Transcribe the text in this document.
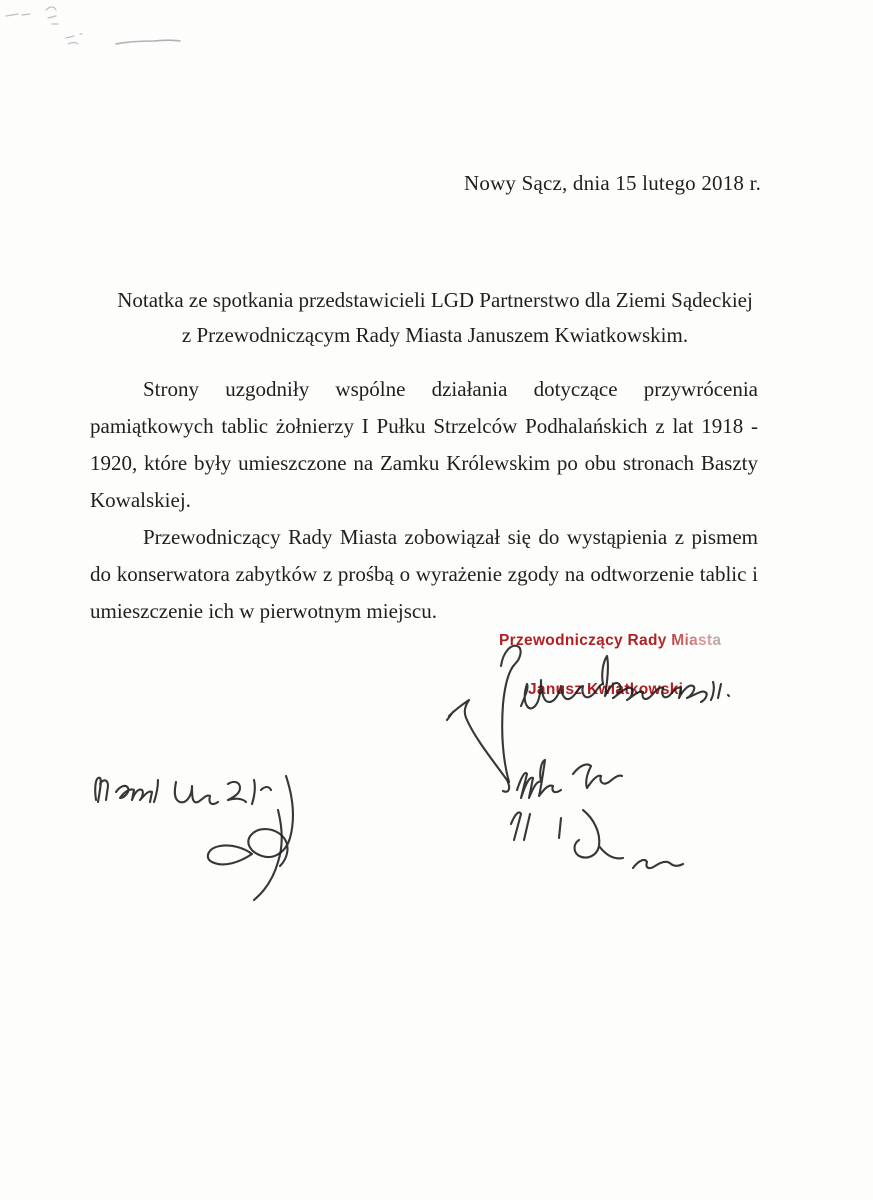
Nowy Sącz, dnia 15 lutego 2018 r.
Notatka ze spotkania przedstawicieli LGD Partnerstwo dla Ziemi Sądeckiej
z Przewodniczącym Rady Miasta Januszem Kwiatkowskim.

Strony uzgodniły wspólne działania dotyczące przywrócenia pamiątkowych tablic żołnierzy I Pułku Strzelców Podhalańskich z lat 1918 - 1920, które były umieszczone na Zamku Królewskim po obu stronach Baszty Kowalskiej.

Przewodniczący Rady Miasta zobowiązał się do wystąpienia z pismem do konserwatora zabytków z prośbą o wyrażenie zgody na odtworzenie tablic i umieszczenie ich w pierwotnym miejscu.

Przewodniczący Rady Miasta
Janusz Kwiatkowski
